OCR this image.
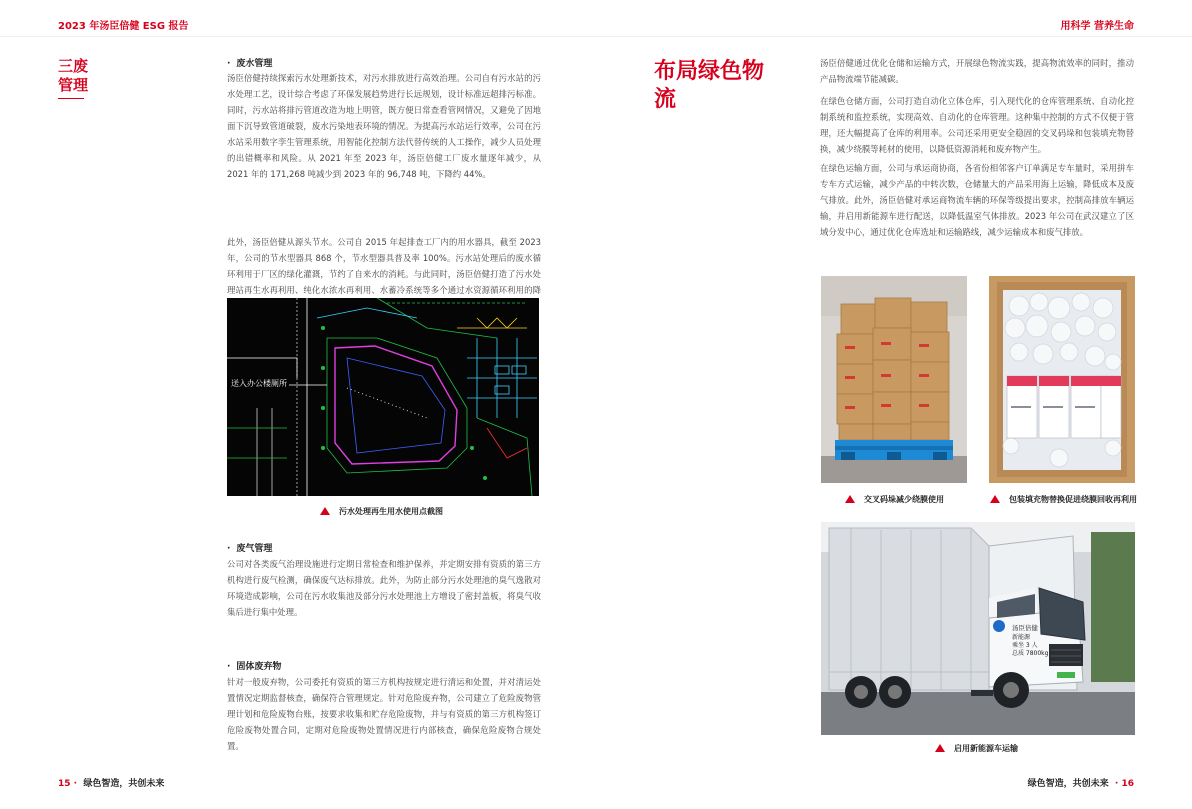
2023 年汤臣倍健 ESG 报告	用科学 营养生命
三废管理
· 废水管理

汤臣倍健持续探索污水处理新技术，对污水排放进行高效治理。公司自有污水站的污水处理工艺，设计综合考虑了环保发展趋势进行长远规划，设计标准远超排污标准。同时，污水站将排污管道改造为地上明管，既方便日常查看管网情况，又避免了因地面下沉导致管道破裂，废水污染地表环境的情况。为提高污水站运行效率，公司在污水站采用数字孪生管理系统，用智能化控制方法代替传统的人工操作，减少人员处理的出错概率和风险。从 2021 年至 2023 年，汤臣倍健工厂废水量逐年减少，从 2021 年的 171,268 吨减少到 2023 年的 96,748 吨，下降约 44%。

此外，汤臣倍健从源头节水。公司自 2015 年起排查工厂内的用水器具，截至 2023 年，公司的节水型器具 868 个，节水型器具普及率 100%。污水站处理后的废水循环利用于厂区的绿化灌溉，节约了自来水的消耗。与此同时，汤臣倍健打造了污水处理站再生水再利用、纯化水浓水再利用、水蓄冷系统等多个通过水资源循环利用的降

送入办公楼厕所
污水处理再生用水使用点截图
· 废气管理

公司对各类废气治理设施进行定期日常检查和维护保养，并定期安排有资质的第三方机构进行废气检测，确保废气达标排放。此外，为防止部分污水处理池的臭气逸散对环境造成影响，公司在污水收集池及部分污水处理池上方增设了密封盖板，将臭气收集后进行集中处理。

· 固体废弃物

针对一般废弃物，公司委托有资质的第三方机构按规定进行清运和处置，并对清运处置情况定期监督核查，确保符合管理规定。针对危险废弃物，公司建立了危险废物管理计划和危险废物台账，按要求收集和贮存危险废物，并与有资质的第三方机构签订危险废物处置合同，定期对危险废物处置情况进行内部核查，确保危险废物合规处置。

布局绿色物流

汤臣倍健通过优化仓储和运输方式，开展绿色物流实践，提高物流效率的同时，推动产品物流端节能减碳。

在绿色仓储方面，公司打造自动化立体仓库，引入现代化的仓库管理系统、自动化控制系统和监控系统，实现高效、自动化的仓库管理。这种集中控制的方式不仅便于管理，还大幅提高了仓库的利用率。公司还采用更安全稳固的交叉码垛和包装填充物替换，减少绕膜等耗材的使用，以降低资源消耗和废弃物产生。

在绿色运输方面，公司与承运商协商，各省份相邻客户订单满足专车量时，采用拼车专车方式运输，减少产品的中转次数，仓储量大的产品采用海上运输，降低成本及废气排放。此外，汤臣倍健对承运商物流车辆的环保等级提出要求，控制高排放车辆运输，并启用新能源车进行配送，以降低温室气体排放。2023 年公司在武汉建立了区域分发中心，通过优化仓库选址和运输路线，减少运输成本和废气排放。

交叉码垛减少绕膜使用	包装填充物替换促进绕膜回收再利用
汤臣倍健
新能源
乘坐 3 人
总质 7800kg
启用新能源车运输
15 ·  绿色智造，共创未来	绿色智造，共创未来  · 16
